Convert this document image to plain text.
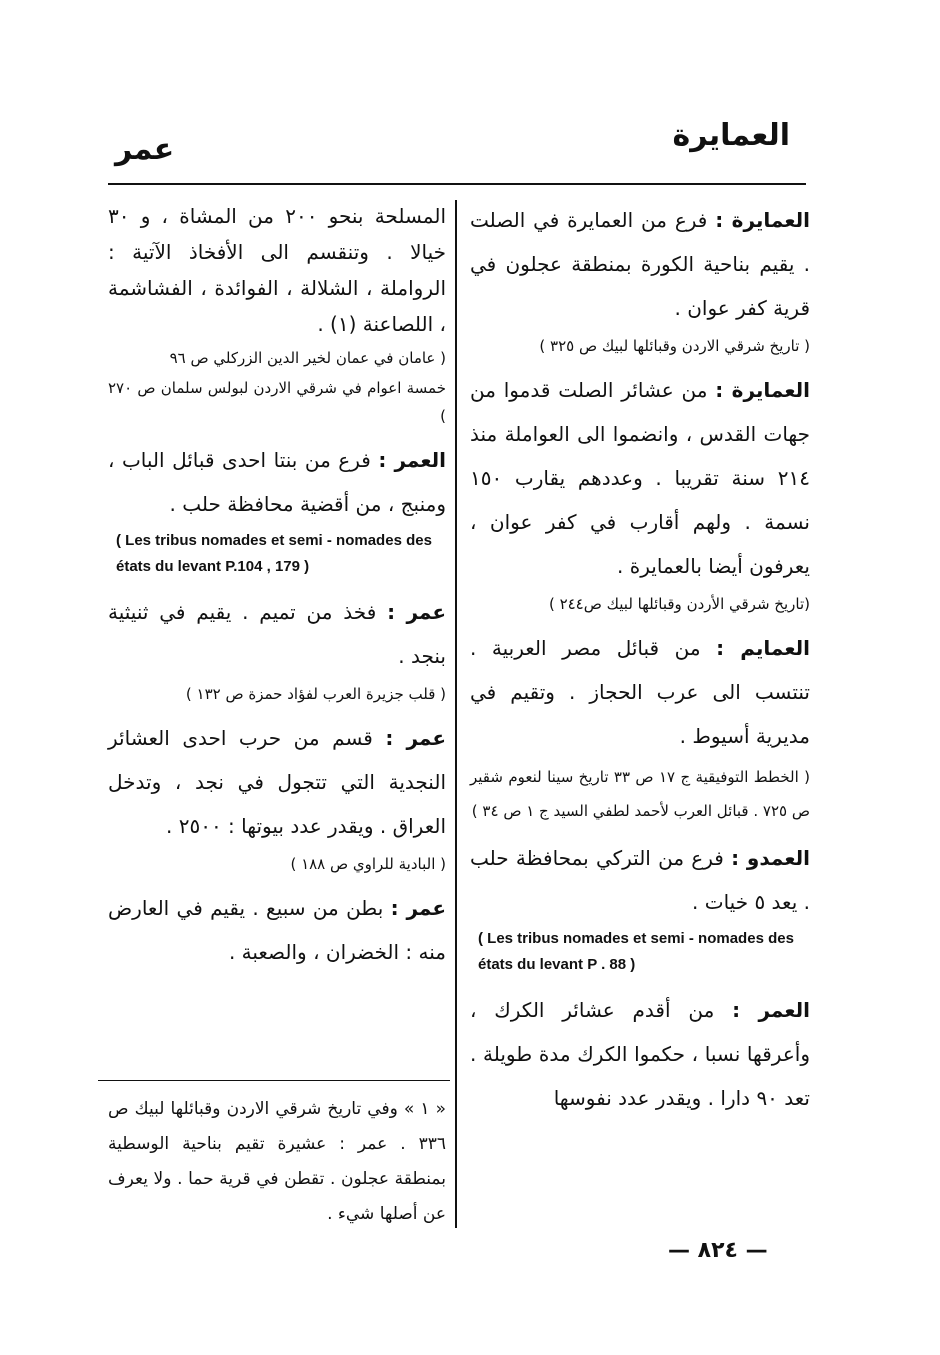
العمايرة
عمر

العمايرة : فرع من العمايرة في الصلت . يقيم بناحية الكورة بمنطقة عجلون في قرية كفر عوان .

( تاريخ شرقي الاردن وقبائلها لبيك ص ٣٢٥ )

العمايرة : من عشائر الصلت قدموا من جهات القدس ، وانضموا الى العواملة منذ ٢١٤ سنة تقريبا . وعددهم يقارب ١٥٠ نسمة . ولهم أقارب في كفر عوان ، يعرفون أيضا بالعمايرة .

(تاريخ شرقي الأردن وقبائلها لبيك ص٢٤٤ )

العمايم : من قبائل مصر العربية . تنتسب الى عرب الحجاز . وتقيم في مديرية أسيوط .

( الخطط التوفيقية ج ١٧ ص ٣٣ تاريخ سينا لنعوم شقير ص ٧٢٥ . قبائل العرب لأحمد لطفي السيد ج ١ ص ٣٤ )

العمدو : فرع من التركي بمحافظة حلب . يعد ٥ خيات .

( Les tribus nomades et semi - nomades des états du levant P . 88 )

العمر : من أقدم عشائر الكرك ، وأعرقها نسبا ، حكموا الكرك مدة طويلة . تعد ٩٠ دارا . ويقدر عدد نفوسها

المسلحة بنحو ٢٠٠ من المشاة ، و ٣٠ خيالا . وتنقسم الى الأفخاذ الآتية : الرواملة ، الشلالة ، الفوائدة ، الفشاشمة ، اللصاعنة (١) .

( عامان في عمان لخير الدين الزركلي ص ٩٦

خمسة اعوام في شرقي الاردن لبولس سلمان ص ٢٧٠ )

العمر : فرع من بنتا احدى قبائل الباب ، ومنبج ، من أقضية محافظة حلب .

( Les tribus nomades et semi - nomades des états du levant P.104 , 179 )

عمر : فخذ من تميم . يقيم في ثنيثية بنجد .

( قلب جزيرة العرب لفؤاد حمزة ص ١٣٢ )

عمر : قسم من حرب احدى العشائر النجدية التي تتجول في نجد ، وتدخل العراق . ويقدر عدد بيوتها : ٢٥٠٠ .

( البادية للراوي ص ١٨٨ )

عمر : بطن من سبيع . يقيم في العارض منه : الخضران ، والصعبة .

« ١ » وفي تاريخ شرقي الاردن وقبائلها لبيك ص ٣٣٦ . عمر : عشيرة تقيم بناحية الوسطية بمنطقة عجلون . تقطن في قرية حما . ولا يعرف عن أصلها شيء .

— ٨٢٤ —
